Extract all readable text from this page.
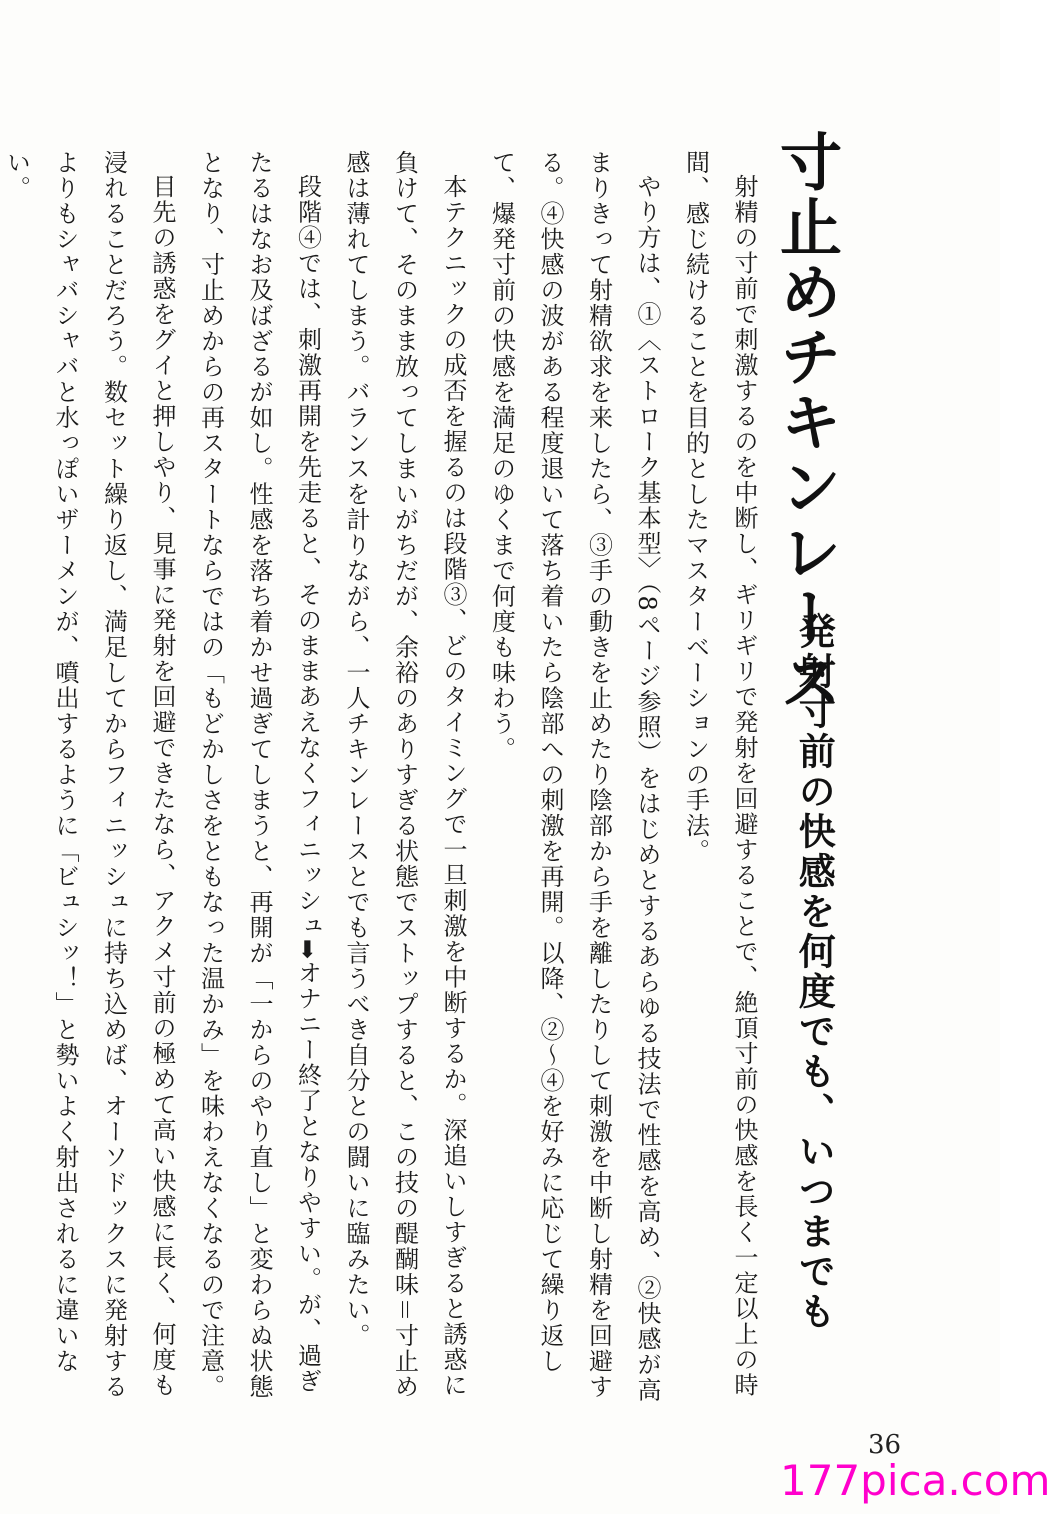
寸止めチキンレース
発射寸前の快感を何度でも、いつまでも

射精の寸前で刺激するのを中断し、ギリギリで発射を回避することで、絶頂寸前の快感を長く一定以上の時間、感じ続けることを目的としたマスターベーションの手法。

やり方は、①〈ストローク基本型〉（8ページ参照）をはじめとするあらゆる技法で性感を高め、②快感が高まりきって射精欲求を来したら、③手の動きを止めたり陰部から手を離したりして刺激を中断し射精を回避する。④快感の波がある程度退いて落ち着いたら陰部への刺激を再開。以降、②〜④を好みに応じて繰り返して、爆発寸前の快感を満足のゆくまで何度も味わう。

本テクニックの成否を握るのは段階③、どのタイミングで一旦刺激を中断するか。深追いしすぎると誘惑に負けて、そのまま放ってしまいがちだが、余裕のありすぎる状態でストップすると、この技の醍醐味＝寸止め感は薄れてしまう。バランスを計りながら、一人チキンレースとでも言うべき自分との闘いに臨みたい。

段階④では、刺激再開を先走ると、そのままあえなくフィニッシュ➡オナニー終了となりやすい。が、過ぎたるはなお及ばざるが如し。性感を落ち着かせ過ぎてしまうと、再開が「一からのやり直し」と変わらぬ状態となり、寸止めからの再スタートならではの「もどかしさをともなった温かみ」を味わえなくなるので注意。

目先の誘惑をグイと押しやり、見事に発射を回避できたなら、アクメ寸前の極めて高い快感に長く、何度も浸れることだろう。数セット繰り返し、満足してからフィニッシュに持ち込めば、オーソドックスに発射するよりもシャバシャバと水っぽいザーメンが、噴出するように「ビュシッ！」と勢いよく射出されるに違いない。

36
177pica.com
